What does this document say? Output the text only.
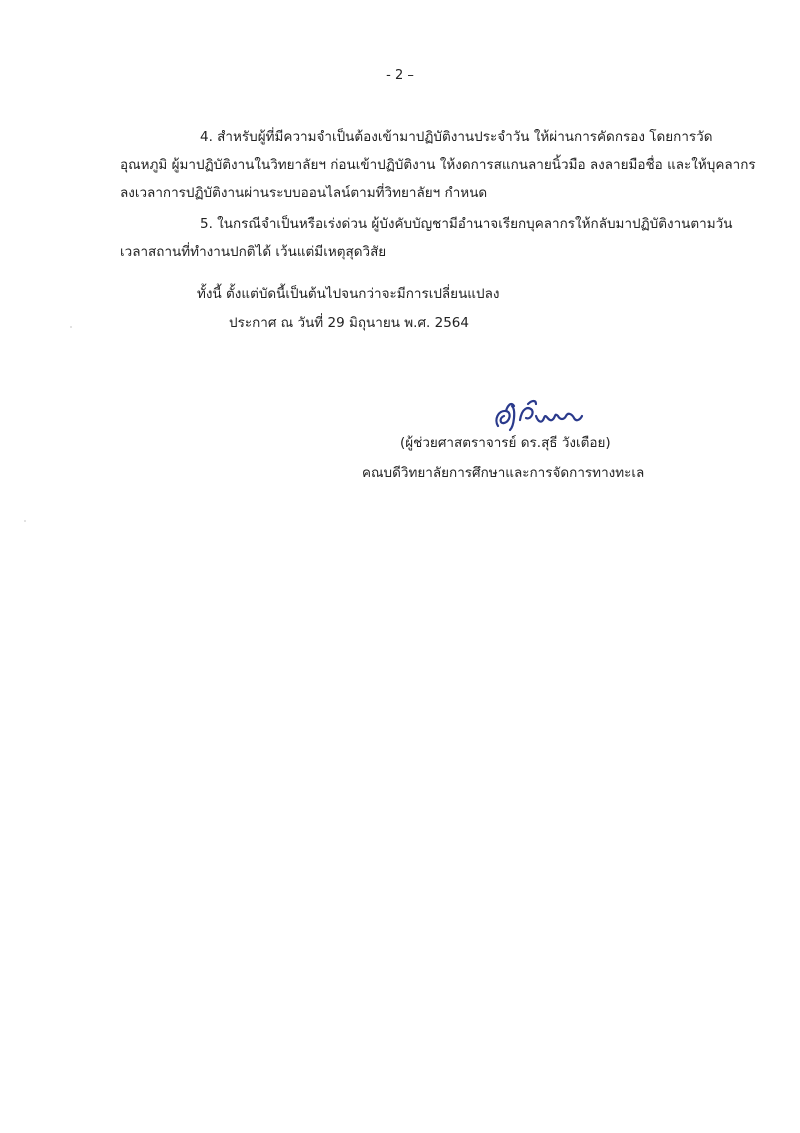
- 2 –
4. สำหรับผู้ที่มีความจำเป็นต้องเข้ามาปฏิบัติงานประจำวัน ให้ผ่านการคัดกรอง โดยการวัด
อุณหภูมิ ผู้มาปฏิบัติงานในวิทยาลัยฯ ก่อนเข้าปฏิบัติงาน ให้งดการสแกนลายนิ้วมือ ลงลายมือชื่อ และให้บุคลากร
ลงเวลาการปฏิบัติงานผ่านระบบออนไลน์ตามที่วิทยาลัยฯ กำหนด
5. ในกรณีจำเป็นหรือเร่งด่วน ผู้บังคับบัญชามีอำนาจเรียกบุคลากรให้กลับมาปฏิบัติงานตามวัน
เวลาสถานที่ทำงานปกติได้ เว้นแต่มีเหตุสุดวิสัย
ทั้งนี้ ตั้งแต่บัดนี้เป็นต้นไปจนกว่าจะมีการเปลี่ยนแปลง
ประกาศ ณ วันที่ 29 มิถุนายน พ.ศ. 2564
(ผู้ช่วยศาสตราจารย์ ดร.สุธี วังเตือย)
คณบดีวิทยาลัยการศึกษาและการจัดการทางทะเล
